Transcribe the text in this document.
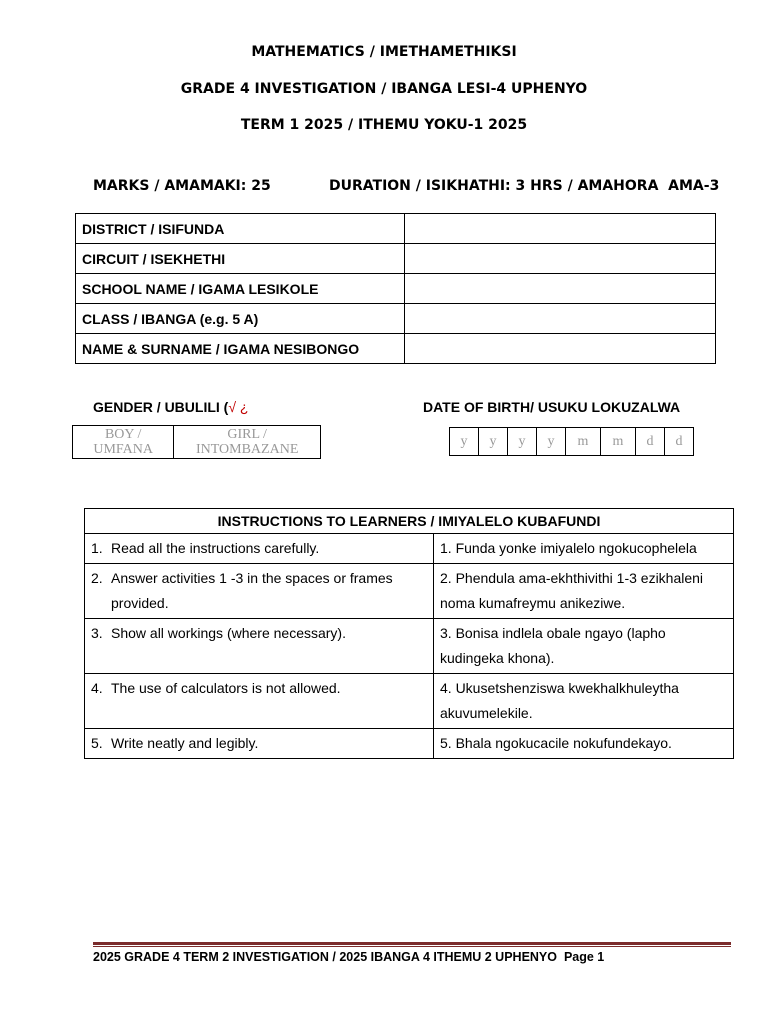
MATHEMATICS / IMETHAMETHIKSI
GRADE 4 INVESTIGATION / IBANGA LESI-4 UPHENYO
TERM 1 2025 / ITHEMU YOKU-1 2025
MARKS / AMAMAKI: 25	DURATION / ISIKHATHI: 3 HRS / AMAHORA  AMA-3
DISTRICT / ISIFUNDA	
CIRCUIT / ISEKHETHI	
SCHOOL NAME / IGAMA LESIKOLE	
CLASS / IBANGA (e.g. 5 A)	
NAME & SURNAME / IGAMA NESIBONGO	
GENDER / UBULILI (√ ¿	DATE OF BIRTH/ USUKU LOKUZALWA
BOY / UMFANA	GIRL / INTOMBAZANE
y	y	y	y	m	m	d	d
INSTRUCTIONS TO LEARNERS / IMIYALELO KUBAFUNDI	

1. Read all the instructions carefully.	1. Funda yonke imiyalelo ngokucophelela

2. Answer activities 1 -3 in the spaces or frames provided.	2. Phendula ama-ekhthivithi 1-3 ezikhaleni noma kumafreymu anikeziwe.

3. Show all workings (where necessary).	3. Bonisa indlela obale ngayo (lapho kudingeka khona).

4. The use of calculators is not allowed.	4. Ukusetshenziswa kwekhalkhuleytha akuvumelekile.

5. Write neatly and legibly.	5. Bhala ngokucacile nokufundekayo.
2025 GRADE 4 TERM 2 INVESTIGATION / 2025 IBANGA 4 ITHEMU 2 UPHENYO  Page 1
